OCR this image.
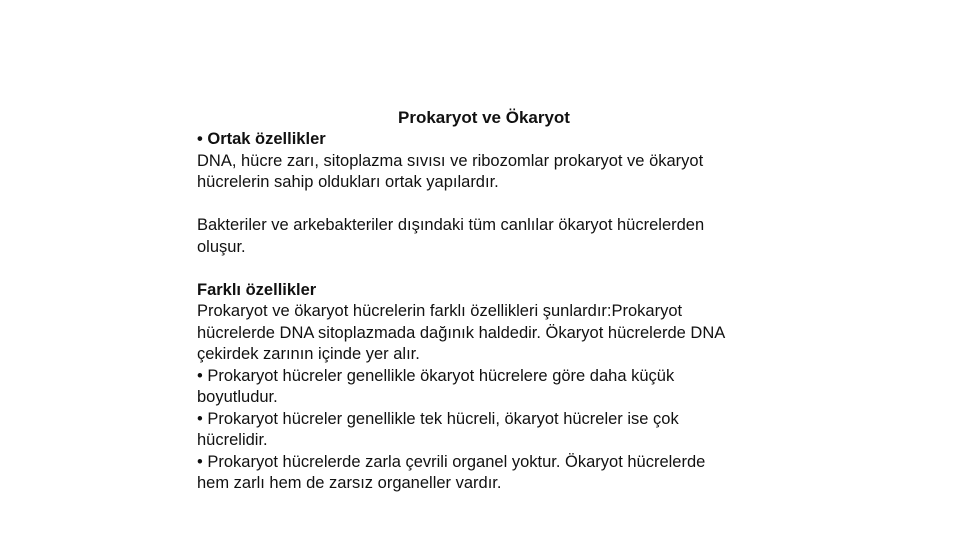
Prokaryot ve Ökaryot
• Ortak özellikler
DNA, hücre zarı, sitoplazma sıvısı ve ribozomlar prokaryot ve ökaryot
hücrelerin sahip oldukları ortak yapılardır.
Bakteriler ve arkebakteriler dışındaki tüm canlılar ökaryot hücrelerden
oluşur.
Farklı özellikler
Prokaryot ve ökaryot hücrelerin farklı özellikleri şunlardır:Prokaryot
hücrelerde DNA sitoplazmada dağınık haldedir. Ökaryot hücrelerde DNA
çekirdek zarının içinde yer alır.
• Prokaryot hücreler genellikle ökaryot hücrelere göre daha küçük
boyutludur.
• Prokaryot hücreler genellikle tek hücreli, ökaryot hücreler ise çok
hücrelidir.
• Prokaryot hücrelerde zarla çevrili organel yoktur. Ökaryot hücrelerde
hem zarlı hem de zarsız organeller vardır.
